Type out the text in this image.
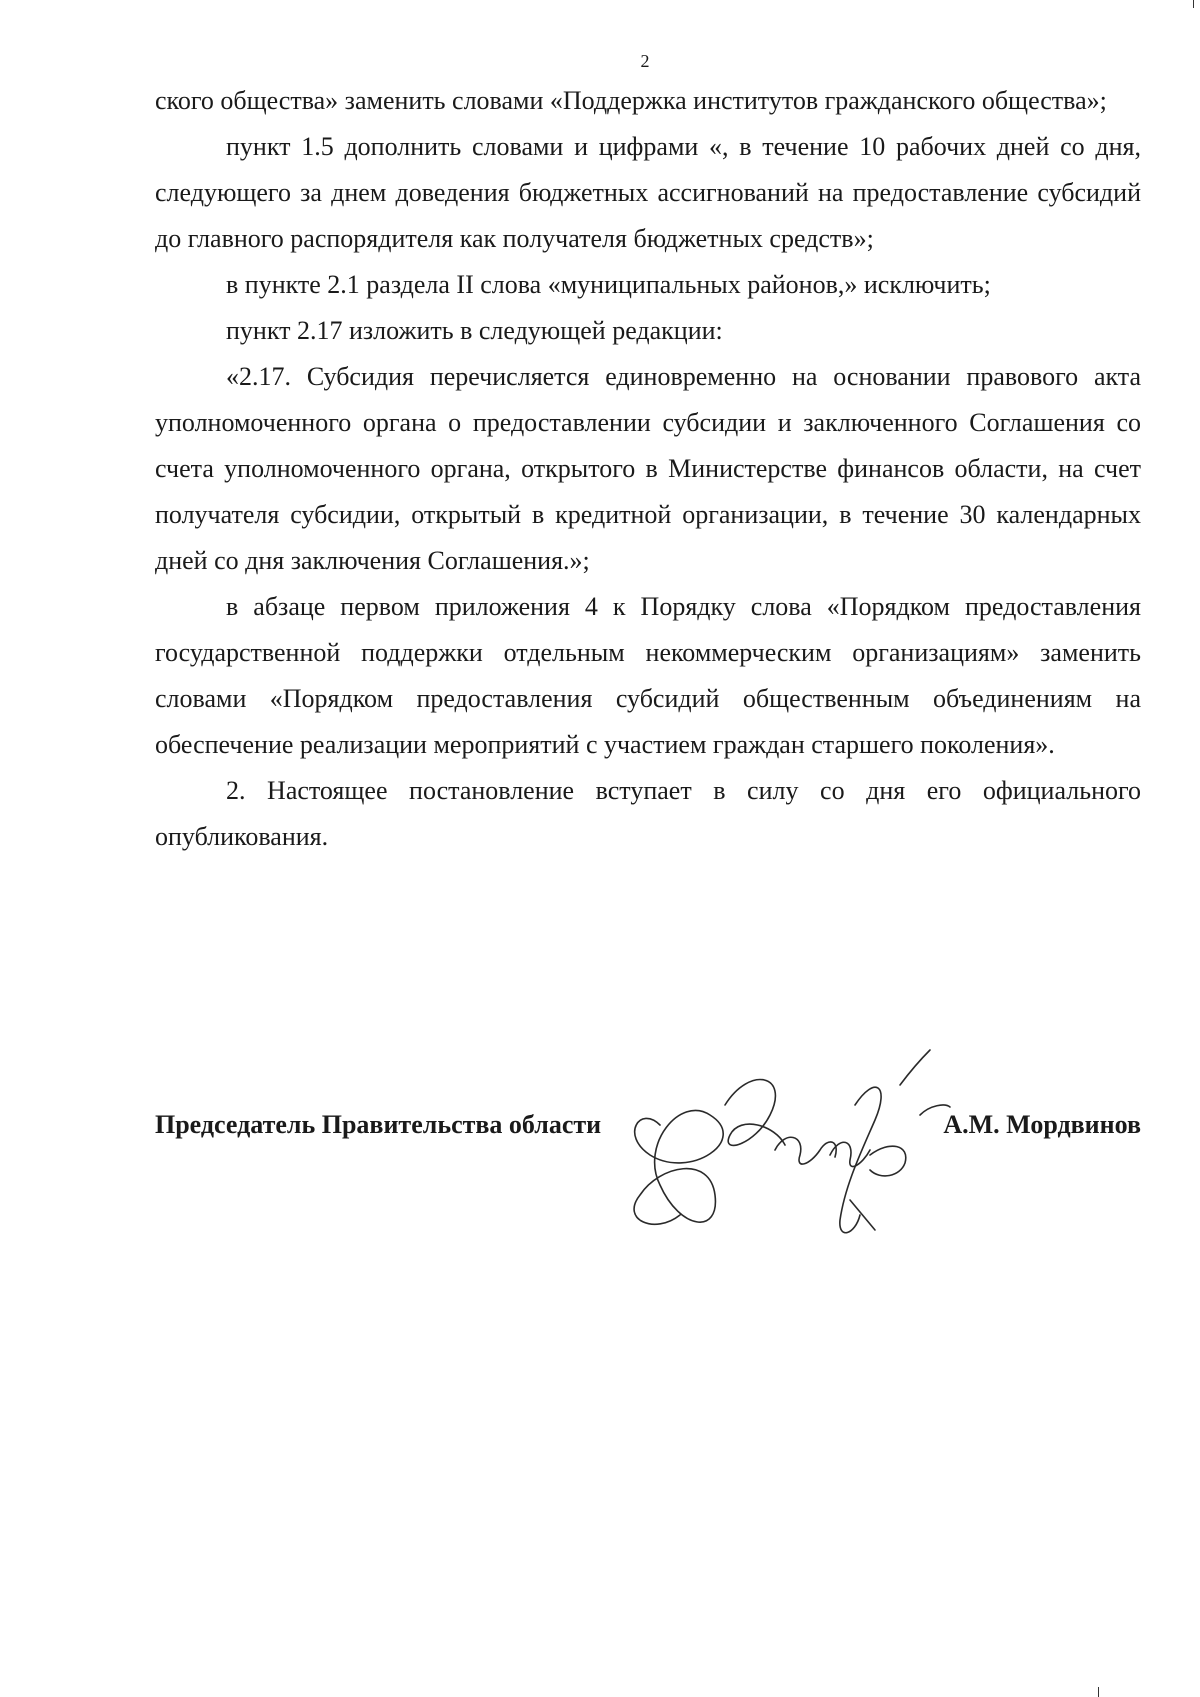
2

ского общества» заменить словами «Поддержка институтов гражданского общества»;

пункт 1.5 дополнить словами и цифрами «, в течение 10 рабочих дней со дня, следующего за днем доведения бюджетных ассигнований на предоставление субсидий до главного распорядителя как получателя бюджетных средств»;

в пункте 2.1 раздела II слова «муниципальных районов,» исключить;

пункт 2.17 изложить в следующей редакции:

«2.17. Субсидия перечисляется единовременно на основании правового акта уполномоченного органа о предоставлении субсидии и заключенного Соглашения со счета уполномоченного органа, открытого в Министерстве финансов области, на счет получателя субсидии, открытый в кредитной организации, в течение 30 календарных дней со дня заключения Соглашения.»;

в абзаце первом приложения 4 к Порядку слова «Порядком предоставления государственной поддержки отдельным некоммерческим организациям» заменить словами «Порядком предоставления субсидий общественным объединениям на обеспечение реализации мероприятий с участием граждан старшего поколения».

2. Настоящее постановление вступает в силу со дня его официального опубликования.

Председатель Правительства области	А.М. Мордвинов
